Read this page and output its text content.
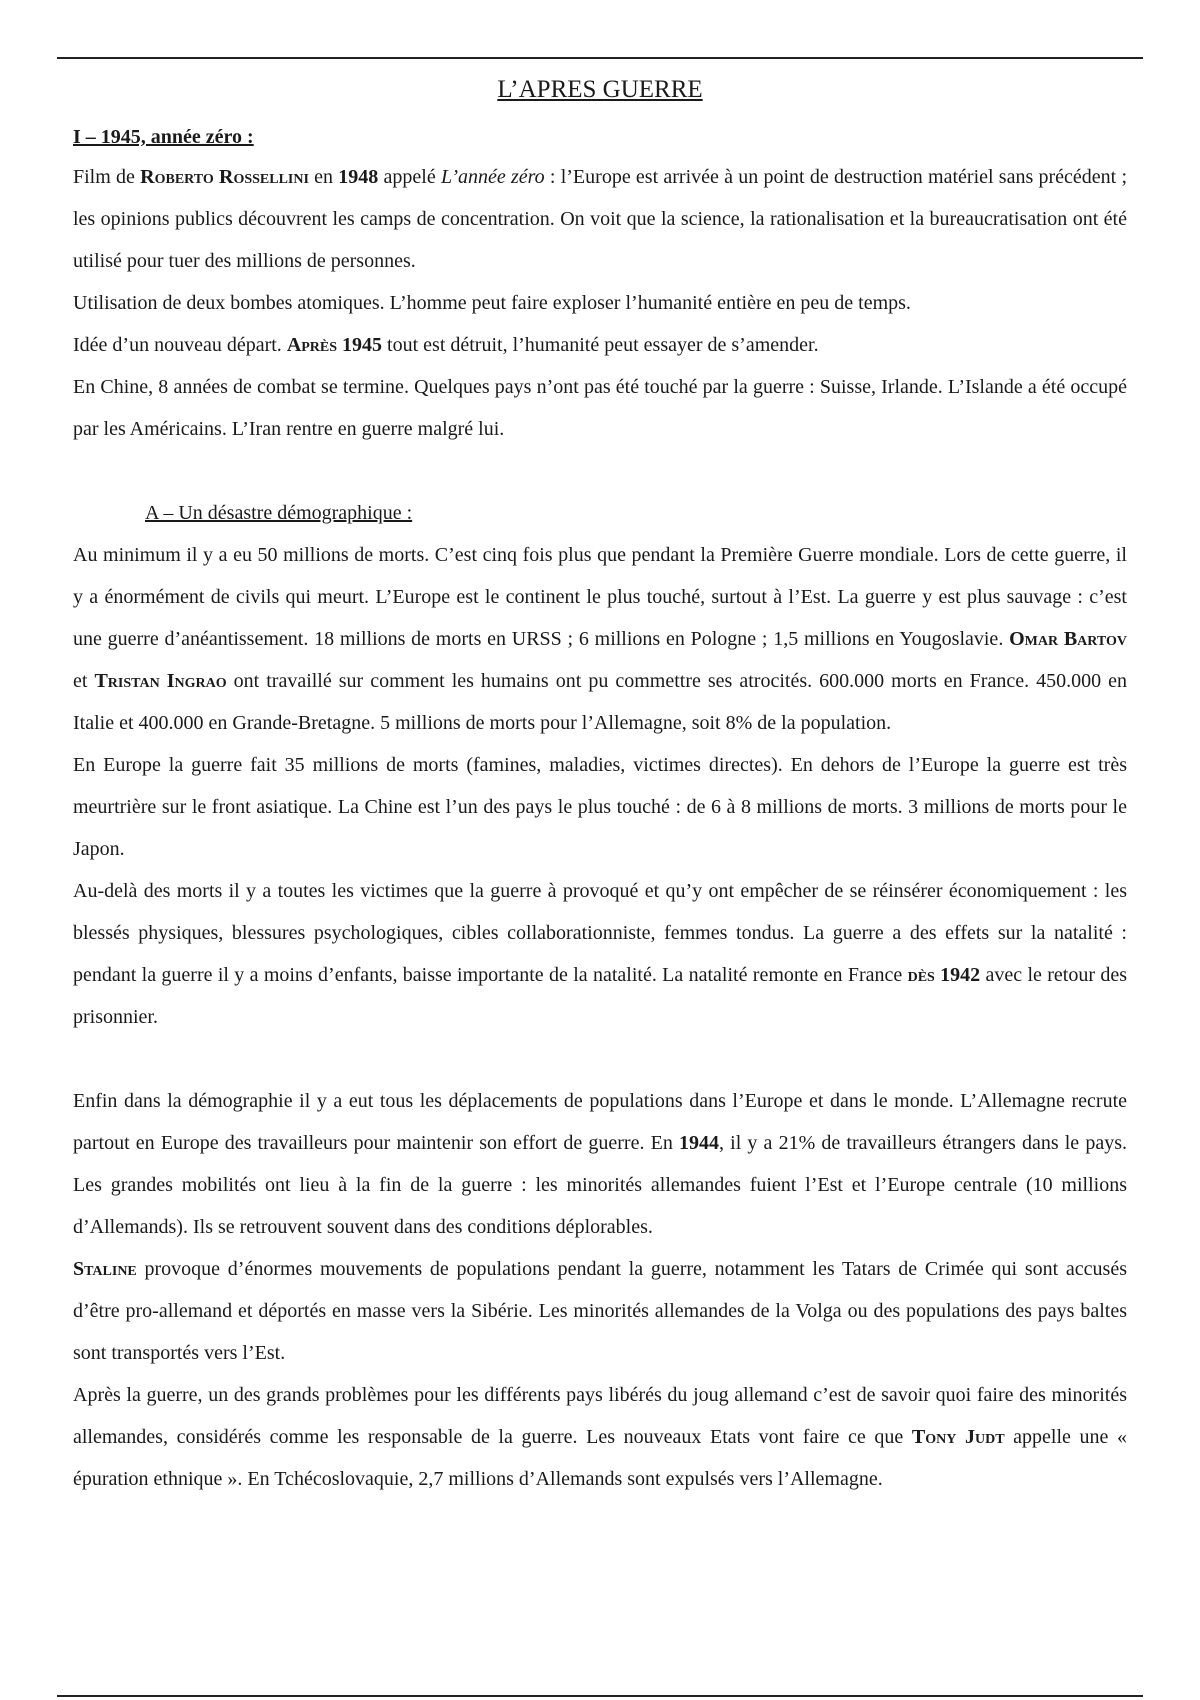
L’APRES GUERRE
I – 1945, année zéro :

Film de Roberto Rossellini en 1948 appelé L’année zéro : l’Europe est arrivée à un point de destruction matériel sans précédent ; les opinions publics découvrent les camps de concentration. On voit que la science, la rationalisation et la bureaucratisation ont été utilisé pour tuer des millions de personnes.

Utilisation de deux bombes atomiques. L’homme peut faire exploser l’humanité entière en peu de temps.

Idée d’un nouveau départ. Après 1945 tout est détruit, l’humanité peut essayer de s’amender.

En Chine, 8 années de combat se termine. Quelques pays n’ont pas été touché par la guerre : Suisse, Irlande. L’Islande a été occupé par les Américains. L’Iran rentre en guerre malgré lui.

A – Un désastre démographique :

Au minimum il y a eu 50 millions de morts. C’est cinq fois plus que pendant la Première Guerre mondiale. Lors de cette guerre, il y a énormément de civils qui meurt. L’Europe est le continent le plus touché, surtout à l’Est. La guerre y est plus sauvage : c’est une guerre d’anéantissement. 18 millions de morts en URSS ; 6 millions en Pologne ; 1,5 millions en Yougoslavie. Omar Bartov et Tristan Ingrao ont travaillé sur comment les humains ont pu commettre ses atrocités. 600.000 morts en France. 450.000 en Italie et 400.000 en Grande-Bretagne. 5 millions de morts pour l’Allemagne, soit 8% de la population.

En Europe la guerre fait 35 millions de morts (famines, maladies, victimes directes). En dehors de l’Europe la guerre est très meurtrière sur le front asiatique. La Chine est l’un des pays le plus touché : de 6 à 8 millions de morts. 3 millions de morts pour le Japon.

Au-delà des morts il y a toutes les victimes que la guerre à provoqué et qu’y ont empêcher de se réinsérer économiquement : les blessés physiques, blessures psychologiques, cibles collaborationniste, femmes tondus. La guerre a des effets sur la natalité : pendant la guerre il y a moins d’enfants, baisse importante de la natalité. La natalité remonte en France dès 1942 avec le retour des prisonnier.

Enfin dans la démographie il y a eut tous les déplacements de populations dans l’Europe et dans le monde. L’Allemagne recrute partout en Europe des travailleurs pour maintenir son effort de guerre. En 1944, il y a 21% de travailleurs étrangers dans le pays. Les grandes mobilités ont lieu à la fin de la guerre : les minorités allemandes fuient l’Est et l’Europe centrale (10 millions d’Allemands). Ils se retrouvent souvent dans des conditions déplorables.

Staline provoque d’énormes mouvements de populations pendant la guerre, notamment les Tatars de Crimée qui sont accusés d’être pro-allemand et déportés en masse vers la Sibérie. Les minorités allemandes de la Volga ou des populations des pays baltes sont transportés vers l’Est.

Après la guerre, un des grands problèmes pour les différents pays libérés du joug allemand c’est de savoir quoi faire des minorités allemandes, considérés comme les responsable de la guerre. Les nouveaux Etats vont faire ce que Tony Judt appelle une « épuration ethnique ». En Tchécoslovaquie, 2,7 millions d’Allemands sont expulsés vers l’Allemagne.
